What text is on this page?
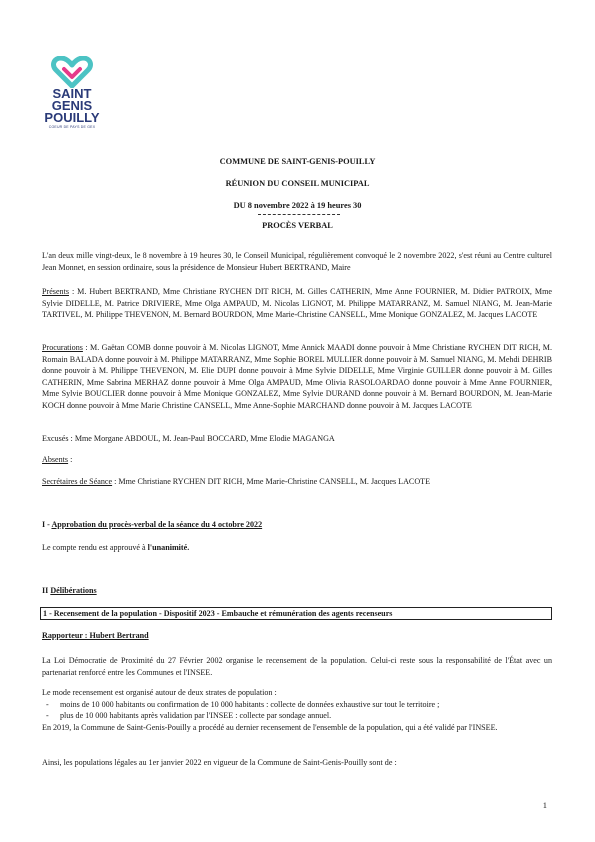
SAINT
GENIS
POUILLY
COEUR DE PAYS DE GEX
COMMUNE DE SAINT-GENIS-POUILLY
RÉUNION DU CONSEIL MUNICIPAL
DU 8 novembre 2022 à 19 heures 30
PROCÈS VERBAL

L'an deux mille vingt-deux, le 8 novembre à 19 heures 30, le Conseil Municipal, régulièrement convoqué le 2 novembre 2022, s'est réuni au Centre culturel Jean Monnet, en session ordinaire, sous la présidence de Monsieur Hubert BERTRAND, Maire

Présents : M. Hubert BERTRAND, Mme Christiane RYCHEN DIT RICH, M. Gilles CATHERIN, Mme Anne FOURNIER, M. Didier PATROIX, Mme Sylvie DIDELLE, M. Patrice DRIVIERE, Mme Olga AMPAUD, M. Nicolas LIGNOT, M. Philippe MATARRANZ, M. Samuel NIANG, M. Jean-Marie TARTIVEL, M. Philippe THEVENON, M. Bernard BOURDON, Mme Marie-Christine CANSELL, Mme Monique GONZALEZ, M. Jacques LACOTE

Procurations : M. Gaëtan COMB donne pouvoir à M. Nicolas LIGNOT, Mme Annick MAADI donne pouvoir à Mme Christiane RYCHEN DIT RICH, M. Romain BALADA donne pouvoir à M. Philippe MATARRANZ, Mme Sophie BOREL MULLIER donne pouvoir à M. Samuel NIANG, M. Mehdi DEHRIB donne pouvoir à M. Philippe THEVENON, M. Elie DUPI donne pouvoir à Mme Sylvie DIDELLE, Mme Virginie GUILLER donne pouvoir à M. Gilles CATHERIN, Mme Sabrina MERHAZ donne pouvoir à Mme Olga AMPAUD, Mme Olivia RASOLOARDAO donne pouvoir à Mme Anne FOURNIER, Mme Sylvie BOUCLIER donne pouvoir à Mme Monique GONZALEZ, Mme Sylvie DURAND donne pouvoir à M. Bernard BOURDON, M. Jean-Marie KOCH donne pouvoir à Mme Marie Christine CANSELL, Mme Anne-Sophie MARCHAND donne pouvoir à M. Jacques LACOTE

Excusés : Mme Morgane ABDOUL, M. Jean-Paul BOCCARD, Mme Elodie MAGANGA

Absents :

Secrétaires de Séance : Mme Christiane RYCHEN DIT RICH, Mme Marie-Christine CANSELL, M. Jacques LACOTE

I - Approbation du procès-verbal de la séance du 4 octobre 2022

Le compte rendu est approuvé à l'unanimité.

II Délibérations

1 - Recensement de la population - Dispositif 2023 - Embauche et rémunération des agents recenseurs

Rapporteur : Hubert Bertrand

La Loi Démocratie de Proximité du 27 Février 2002 organise le recensement de la population. Celui-ci reste sous la responsabilité de l'État avec un partenariat renforcé entre les Communes et l'INSEE.

Le mode recensement est organisé autour de deux strates de population :
- moins de 10 000 habitants ou confirmation de 10 000 habitants : collecte de données exhaustive sur tout le territoire ;
- plus de 10 000 habitants après validation par l'INSEE : collecte par sondage annuel.
En 2019, la Commune de Saint-Genis-Pouilly a procédé au dernier recensement de l'ensemble de la population, qui a été validé par l'INSEE.

Ainsi, les populations légales au 1er janvier 2022 en vigueur de la Commune de Saint-Genis-Pouilly sont de :

1
